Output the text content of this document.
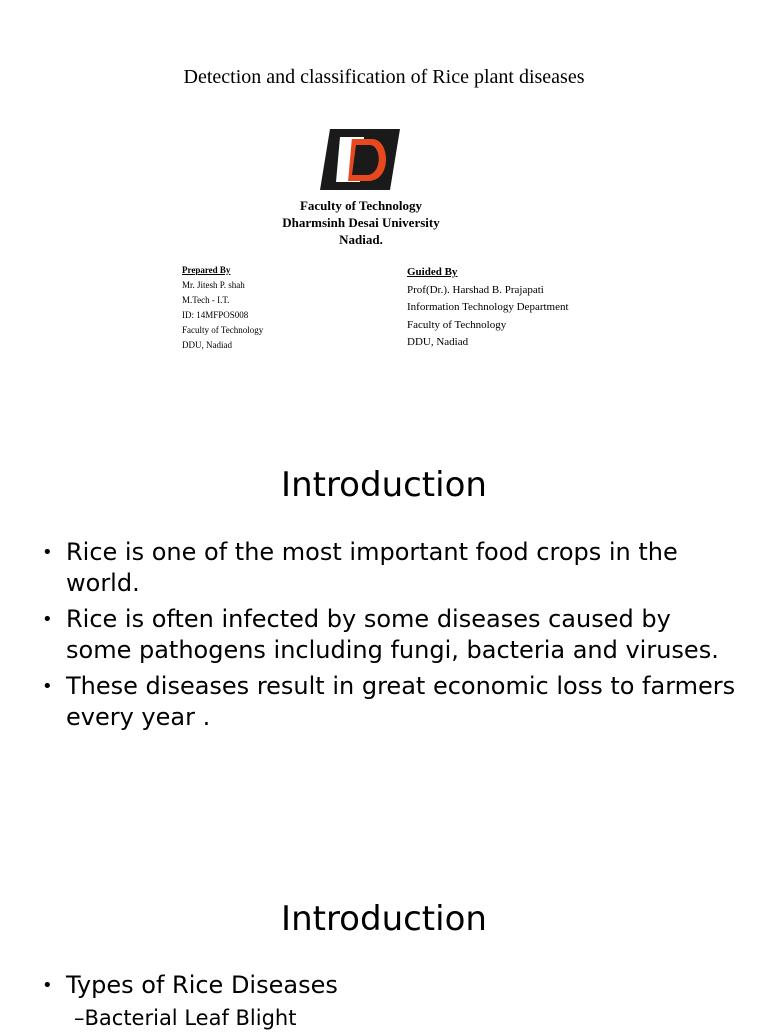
Detection and classification of Rice plant diseases
Faculty of Technology
Dharmsinh Desai University
Nadiad.
Prepared By
Mr. Jitesh P. shah
M.Tech - I.T.
ID: 14MFPOS008
Faculty of Technology
DDU, Nadiad
Guided By
Prof(Dr.). Harshad B. Prajapati
Information Technology Department
Faculty of Technology
DDU, Nadiad
Introduction
• Rice is one of the most important food crops in the world.
• Rice is often infected by some diseases caused by some pathogens including fungi, bacteria and viruses.
• These diseases result in great economic loss to farmers every year .
Introduction
• Types of Rice Diseases
–Bacterial Leaf Blight
